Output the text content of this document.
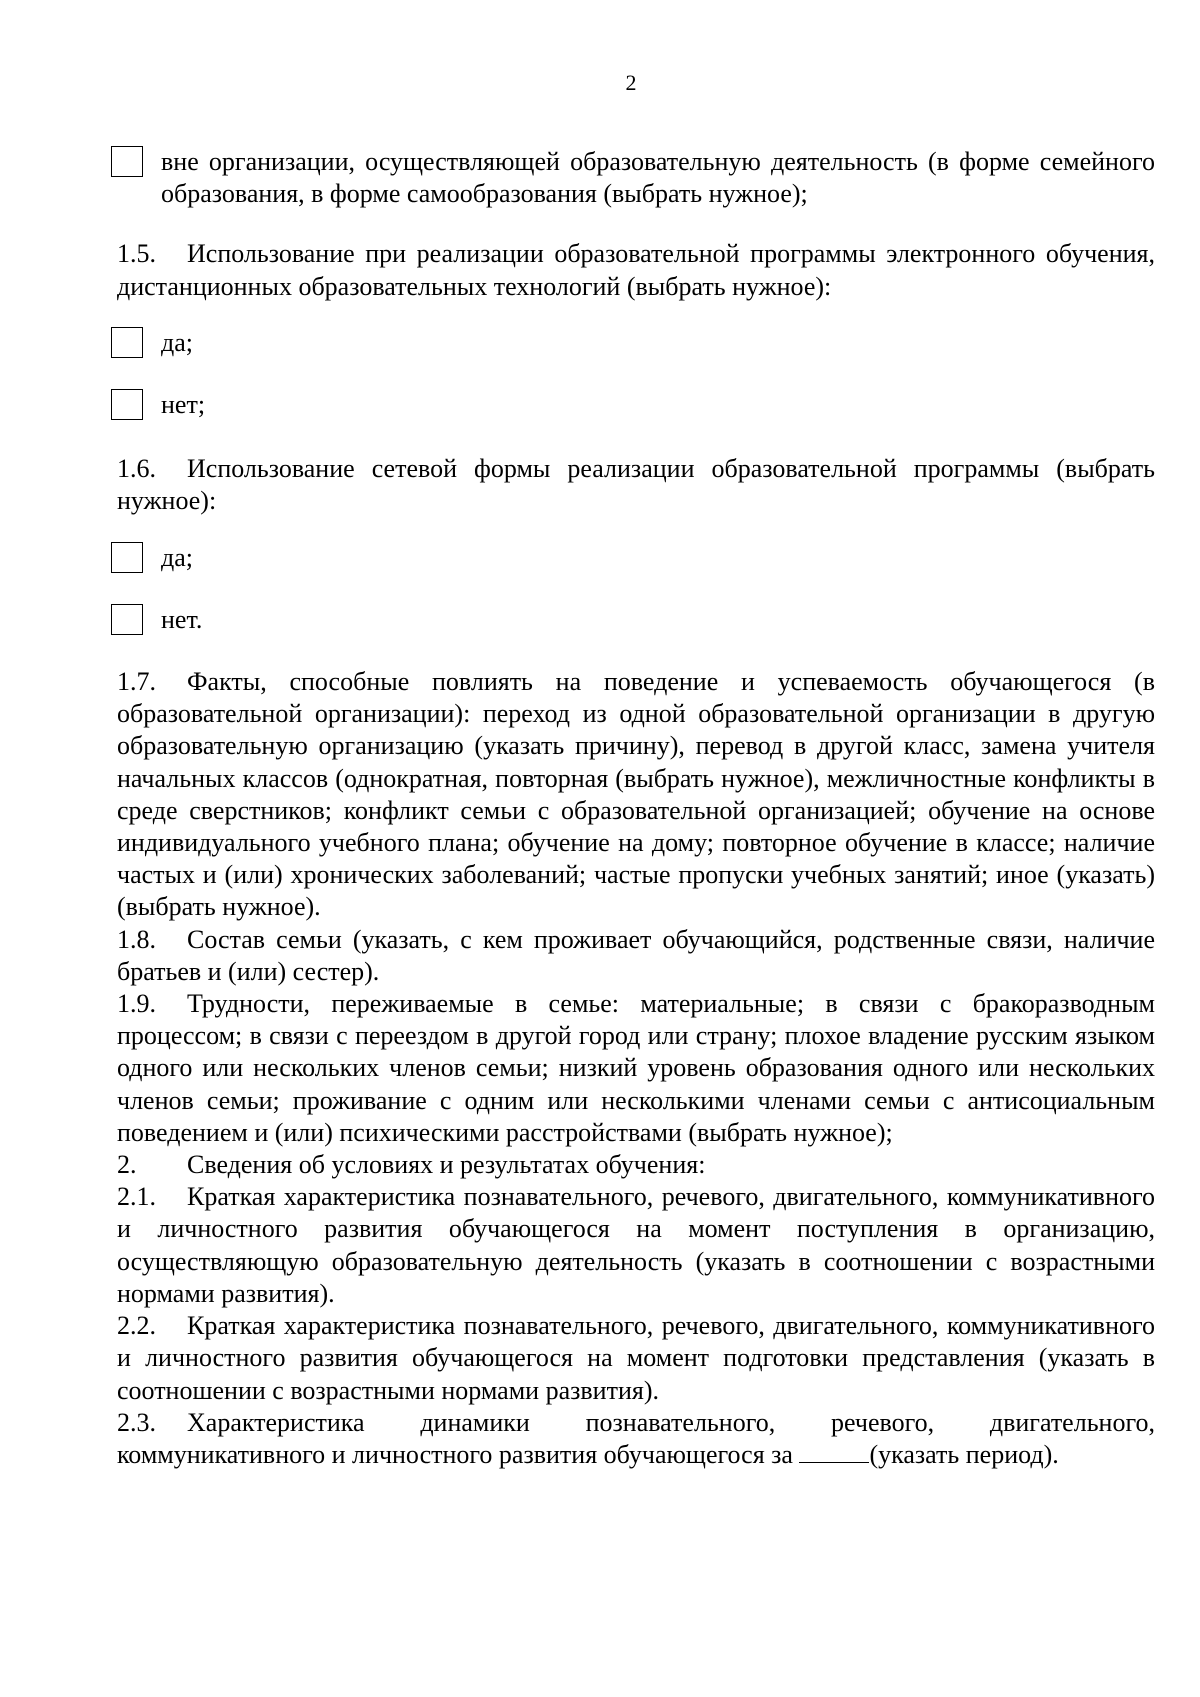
2
вне организации, осуществляющей образовательную деятельность (в форме семейного образования, в форме самообразования (выбрать нужное);

1.5. Использование при реализации образовательной программы электронного обучения, дистанционных образовательных технологий (выбрать нужное):

да;
нет;

1.6. Использование сетевой формы реализации образовательной программы (выбрать нужное):

да;
нет.

1.7. Факты, способные повлиять на поведение и успеваемость обучающегося (в образовательной организации): переход из одной образовательной организации в другую образовательную организацию (указать причину), перевод в другой класс, замена учителя начальных классов (однократная, повторная (выбрать нужное), межличностные конфликты в среде сверстников; конфликт семьи с образовательной организацией; обучение на основе индивидуального учебного плана; обучение на дому; повторное обучение в классе; наличие частых и (или) хронических заболеваний; частые пропуски учебных занятий; иное (указать) (выбрать нужное).

1.8. Состав семьи (указать, с кем проживает обучающийся, родственные связи, наличие братьев и (или) сестер).

1.9. Трудности, переживаемые в семье: материальные; в связи с бракоразводным процессом; в связи с переездом в другой город или страну; плохое владение русским языком одного или нескольких членов семьи; низкий уровень образования одного или нескольких членов семьи; проживание с одним или несколькими членами семьи с антисоциальным поведением и (или) психическими расстройствами (выбрать нужное);

2. Сведения об условиях и результатах обучения:

2.1. Краткая характеристика познавательного, речевого, двигательного, коммуникативного и личностного развития обучающегося на момент поступления в организацию, осуществляющую образовательную деятельность (указать в соотношении с возрастными нормами развития).

2.2. Краткая характеристика познавательного, речевого, двигательного, коммуникативного и личностного развития обучающегося на момент подготовки представления (указать в соотношении с возрастными нормами развития).

2.3. Характеристика динамики познавательного, речевого, двигательного, коммуникативного и личностного развития обучающегося за	(указать период).
